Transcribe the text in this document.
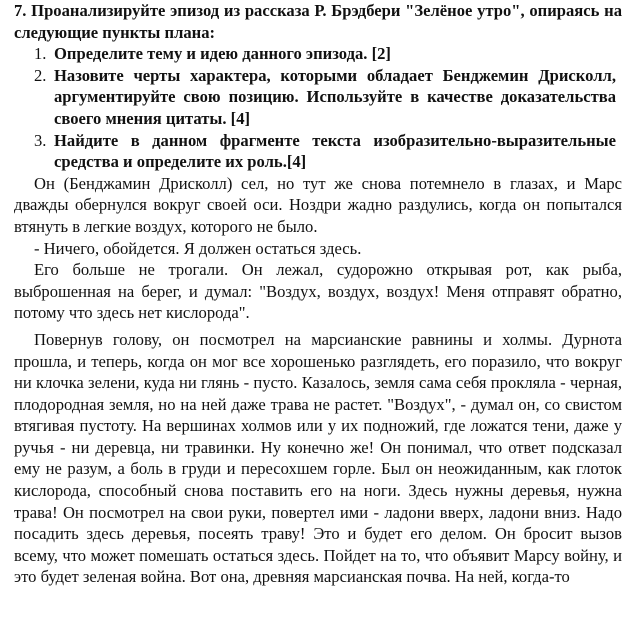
7. Проанализируйте эпизод из рассказа Р. Брэдбери "Зелёное утро", опираясь на следующие пункты плана:
1. Определите тему и идею данного эпизода. [2]
2. Назовите черты характера, которыми обладает Бенджемин Дрисколл, аргументируйте свою позицию. Используйте в качестве доказательства своего мнения цитаты. [4]
3. Найдите в данном фрагменте текста изобразительно-выразительные средства и определите их роль.[4]
Он (Бенджамин Дрисколл) сел, но тут же снова потемнело в глазах, и Марс дважды обернулся вокруг своей оси. Ноздри жадно раздулись, когда он попытался втянуть в легкие воздух, которого не было.
- Ничего, обойдется. Я должен остаться здесь.
Его больше не трогали. Он лежал, судорожно открывая рот, как рыба, выброшенная на берег, и думал: "Воздух, воздух, воздух! Меня отправят обратно, потому что здесь нет кислорода".
Повернув голову, он посмотрел на марсианские равнины и холмы. Дурнота прошла, и теперь, когда он мог все хорошенько разглядеть, его поразило, что вокруг ни клочка зелени, куда ни глянь - пусто. Казалось, земля сама себя прокляла - черная, плодородная земля, но на ней даже трава не растет. "Воздух", - думал он, со свистом втягивая пустоту. На вершинах холмов или у их подножий, где ложатся тени, даже у ручья - ни деревца, ни травинки. Ну конечно же! Он понимал, что ответ подсказал ему не разум, а боль в груди и пересохшем горле. Был он неожиданным, как глоток кислорода, способный снова поставить его на ноги. Здесь нужны деревья, нужна трава! Он посмотрел на свои руки, повертел ими - ладони вверх, ладони вниз. Надо посадить здесь деревья, посеять траву! Это и будет его делом. Он бросит вызов всему, что может помешать остаться здесь. Пойдет на то, что объявит Марсу войну, и это будет зеленая война. Вот она, древняя марсианская почва. На ней, когда-то
